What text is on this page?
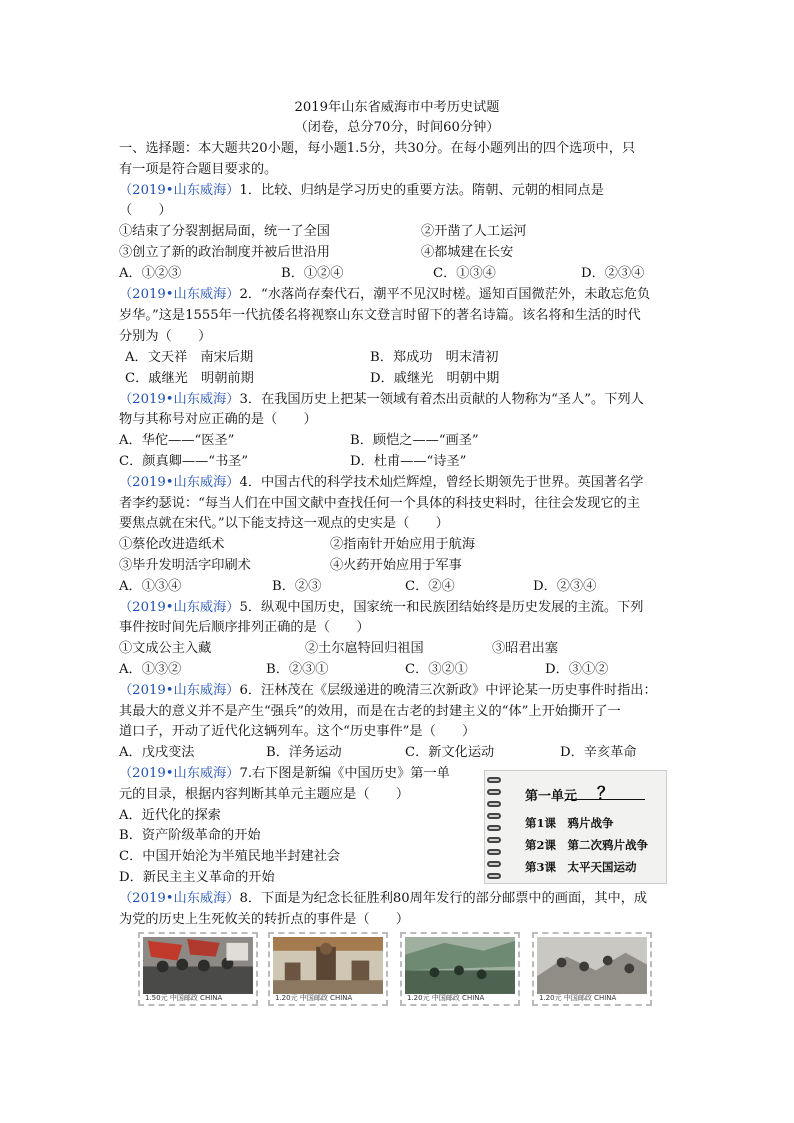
2019年山东省威海市中考历史试题
（闭卷，总分70分，时间60分钟）
一、选择题：本大题共20小题，每小题1.5分，共30分。在每小题列出的四个选项中，只
有一项是符合题目要求的。
（2019•山东威海）1．比较、归纳是学习历史的重要方法。隋朝、元朝的相同点是
（　　）
①结束了分裂割据局面，统一了全国	②开凿了人工运河
③创立了新的政治制度并被后世沿用	④都城建在长安
A．①②③	B．①②④	C．①③④	D．②③④
（2019•山东威海）2．“水落尚存秦代石，潮平不见汉时槎。遥知百国微茫外，未敢忘危负
岁华。”这是1555年一代抗倭名将视察山东文登言时留下的著名诗篇。该名将和生活的时代
分别为（　　）
A．文天祥　南宋后期	B．郑成功　明末清初
C．戚继光　明朝前期	D．戚继光　明朝中期
（2019•山东威海）3．在我国历史上把某一领域有着杰出贡献的人物称为“圣人”。下列人
物与其称号对应正确的是（　　）
A．华佗——“医圣”	B．顾恺之——“画圣”
C．颜真卿——“书圣”	D．杜甫——“诗圣”
（2019•山东威海）4．中国古代的科学技术灿烂辉煌，曾经长期领先于世界。英国著名学
者李约瑟说：“每当人们在中国文献中查找任何一个具体的科技史料时，往往会发现它的主
要焦点就在宋代。”以下能支持这一观点的史实是（　　）
①蔡伦改进造纸术	②指南针开始应用于航海
③毕升发明活字印刷术	④火药开始应用于军事
A．①③④	B．②③	C．②④	D．②③④
（2019•山东威海）5．纵观中国历史，国家统一和民族团结始终是历史发展的主流。下列
事件按时间先后顺序排列正确的是（　　）
①文成公主入藏	②土尔扈特回归祖国	③昭君出塞
A．①③②	B．②③①	C．③②①	D．③①②
（2019•山东威海）6．汪林茂在《层级递进的晚清三次新政》中评论某一历史事件时指出：
其最大的意义并不是产生“强兵”的效用，而是在古老的封建主义的“体”上开始撕开了一
道口子，开动了近代化这辆列车。这个“历史事件”是（　　）
A．戊戌变法	B．洋务运动	C．新文化运动	D．辛亥革命
（2019•山东威海）7.右下图是新编《中国历史》第一单
元的目录，根据内容判断其单元主题应是（　　）
A．近代化的探索
B．资产阶级革命的开始
C．中国开始沦为半殖民地半封建社会
D．新民主主义革命的开始
第一单元 ？
第1课　鸦片战争
第2课　第二次鸦片战争
第3课　太平天国运动
（2019•山东威海）8．下面是为纪念长征胜利80周年发行的部分邮票中的画面，其中，成
为党的历史上生死攸关的转折点的事件是（　　）
1.50元 中国邮政 CHINA	1.20元 中国邮政 CHINA	1.20元 中国邮政 CHINA	1.20元 中国邮政 CHINA
